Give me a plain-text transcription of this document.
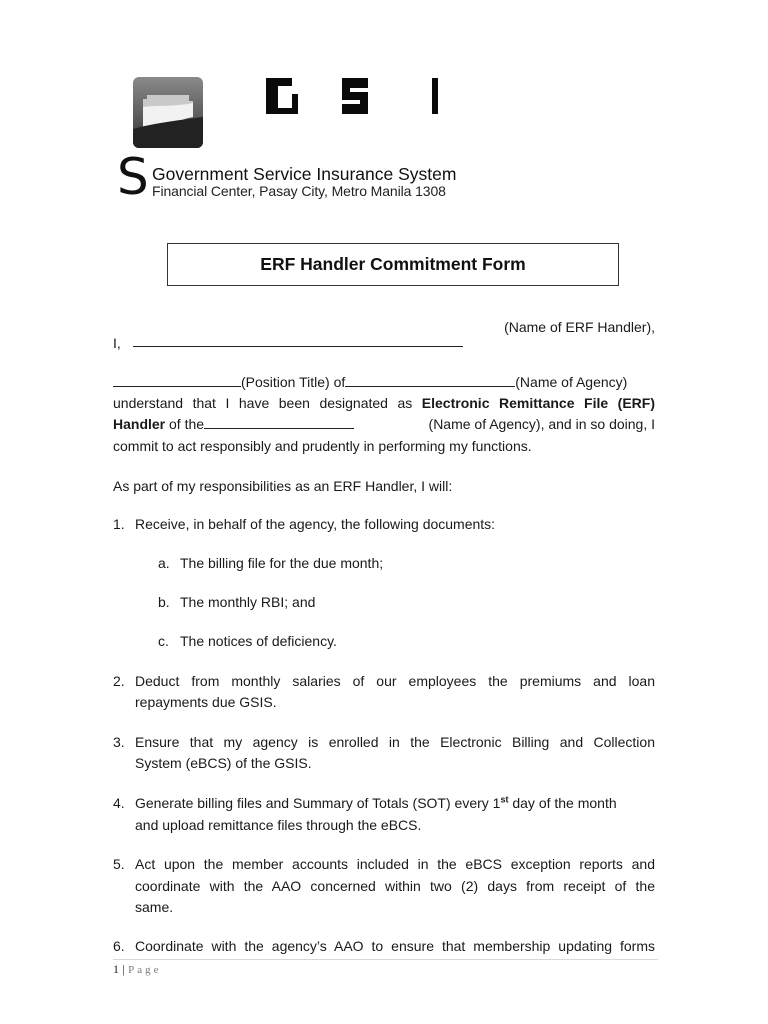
S Government Service Insurance System
Financial Center, Pasay City, Metro Manila 1308
ERF Handler Commitment Form
(Name of ERF Handler),
I,
(Position Title) of	(Name of Agency)
understand that I have been designated as Electronic Remittance File (ERF)
Handler of the	(Name of Agency), and in so doing, I
commit to act responsibly and prudently in performing my functions.
As part of my responsibilities as an ERF Handler, I will:
1. Receive, in behalf of the agency, the following documents:
a. The billing file for the due month;
b. The monthly RBI; and
c. The notices of deficiency.
2. Deduct from monthly salaries of our employees the premiums and loan
repayments due GSIS.
3. Ensure that my agency is enrolled in the Electronic Billing and Collection
System (eBCS) of the GSIS.
4. Generate billing files and Summary of Totals (SOT) every 1st day of the month
and upload remittance files through the eBCS.
5. Act upon the member accounts included in the eBCS exception reports and
coordinate with the AAO concerned within two (2) days from receipt of the
same.
6. Coordinate with the agency’s AAO to ensure that membership updating forms
1 | Page
